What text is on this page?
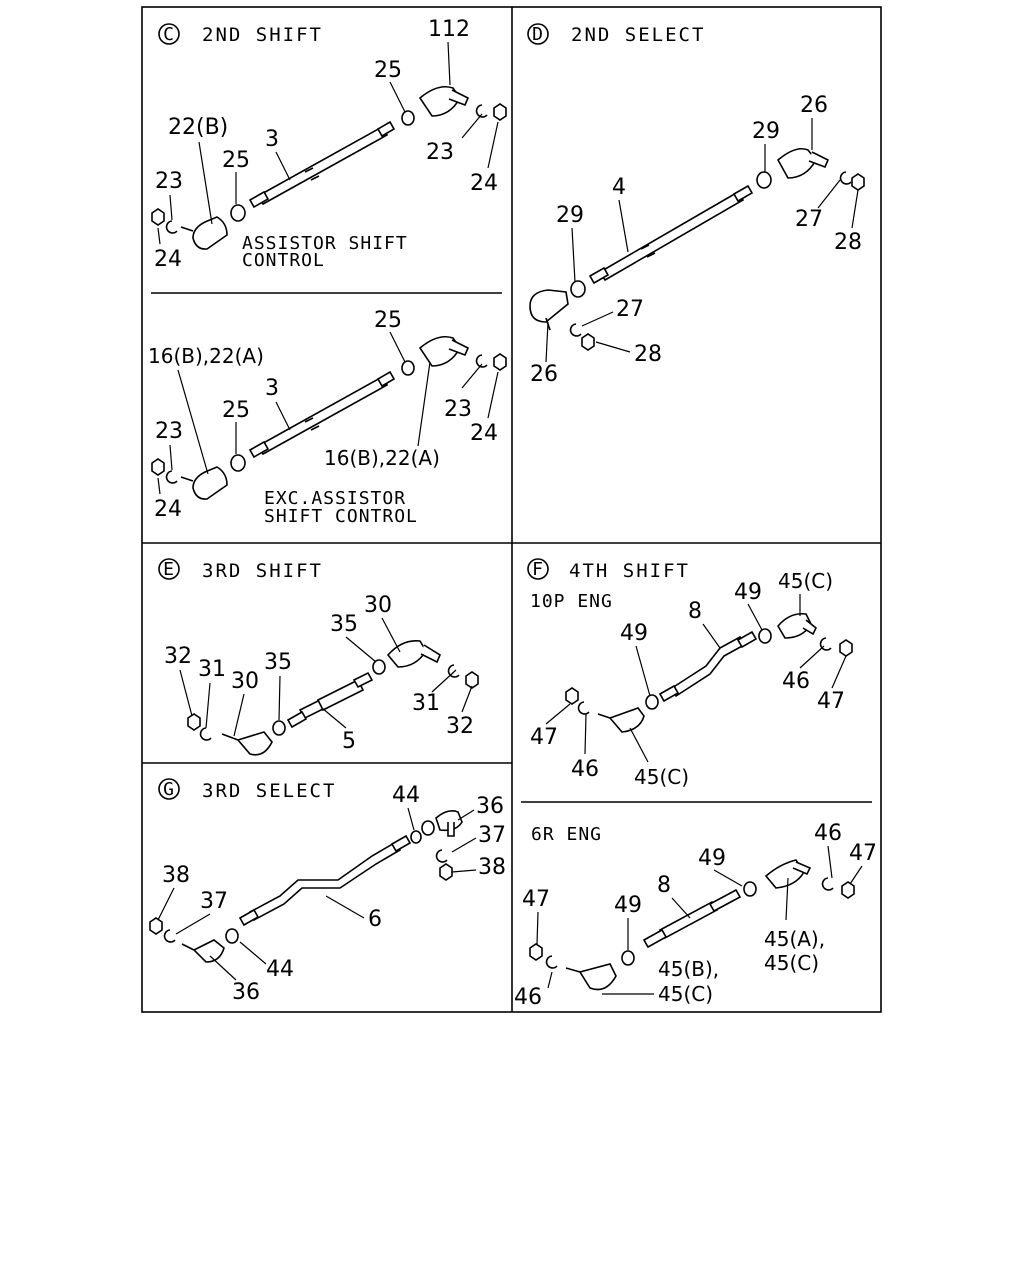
C 2ND SHIFT	112
25
22(B) 3
25
23
24
23
24
ASSISTOR SHIFT
CONTROL
25
16(B),22(A)
3
25
23	24
23
24
16(B),22(A)
EXC.ASSISTOR
SHIFT CONTROL
D 2ND SELECT
26
29
4
29	27
28
27
28
26
E 3RD SHIFT
30
35
32
31 30
35
31
32
5
F 4TH SHIFT
10P ENG	49 45(C)
8
49
46
47
47
46 45(C)
6R ENG	46
47
49
8
47	49
45(A),
45(C)
45(B),
46	45(C)
G 3RD SELECT	44	36
37
38
38
37
6
44
36
